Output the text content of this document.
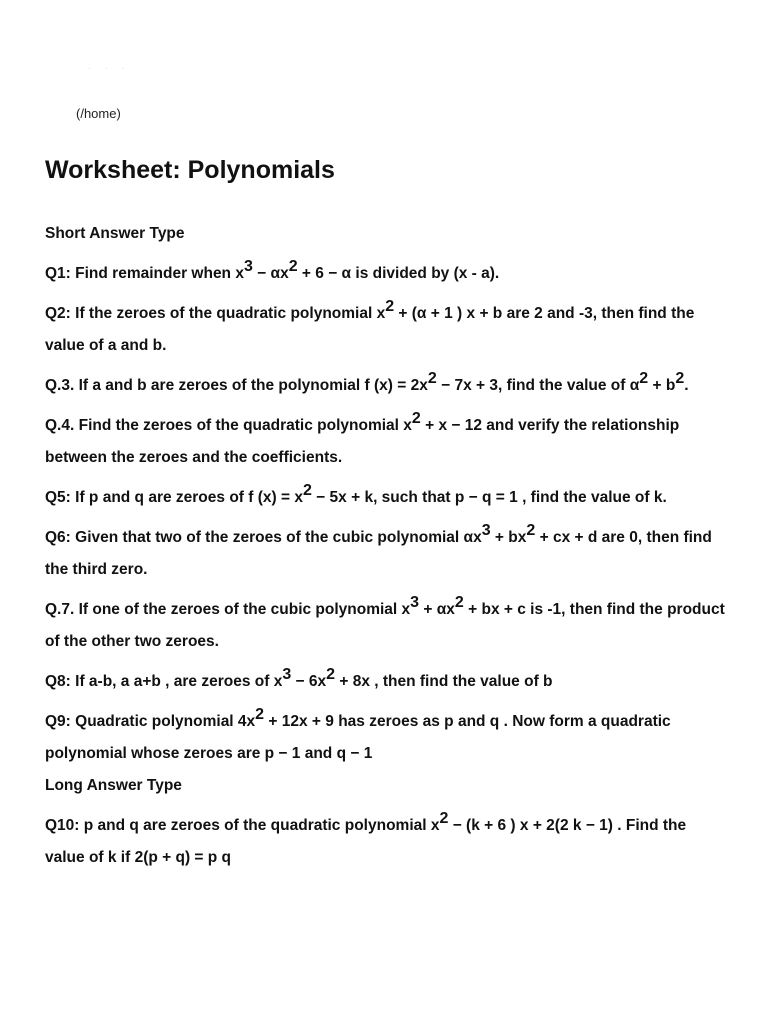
· · ·
(/home)
Worksheet: Polynomials
Short Answer Type
Q1: Find remainder when $x^3 - \alpha x^2 + 6 - \alpha$ is divided by (x - a).
Q2: If the zeroes of the quadratic polynomial $x^2 + (\alpha + 1$ ) x + b are 2 and -3, then find the value of a and b.
Q.3. If a and b are zeroes of the polynomial f $(x) = 2x^2 - 7x + 3$, find the value of $\alpha^2 + b^2$.
Q.4. Find the zeroes of the quadratic polynomial $x^2 + x - 12$ and verify the relationship between the zeroes and the coefficients.
Q5: If p and q are zeroes of f $(x) = x^2 - 5x + k$, such that p − q = 1 , find the value of k.
Q6: Given that two of the zeroes of the cubic polynomial $\alpha x^3 + bx^2$ + cx + d are 0, then find the third zero.
Q.7. If one of the zeroes of the cubic polynomial $x^3 + \alpha x^2$ + bx + c is -1, then find the product of the other two zeroes.
Q8: If a-b, a a+b , are zeroes of $x^3 - 6x^2 + 8x$ , then find the value of b
Q9: Quadratic polynomial $4x^2 + 12x + 9$ has zeroes as p and q . Now form a quadratic polynomial whose zeroes are p − 1 and q − 1
Long Answer Type
Q10: p and q are zeroes of the quadratic polynomial $x^2 - (k + 6$ ) x + 2(2 k − 1) . Find the value of k if 2(p + q) = p q
